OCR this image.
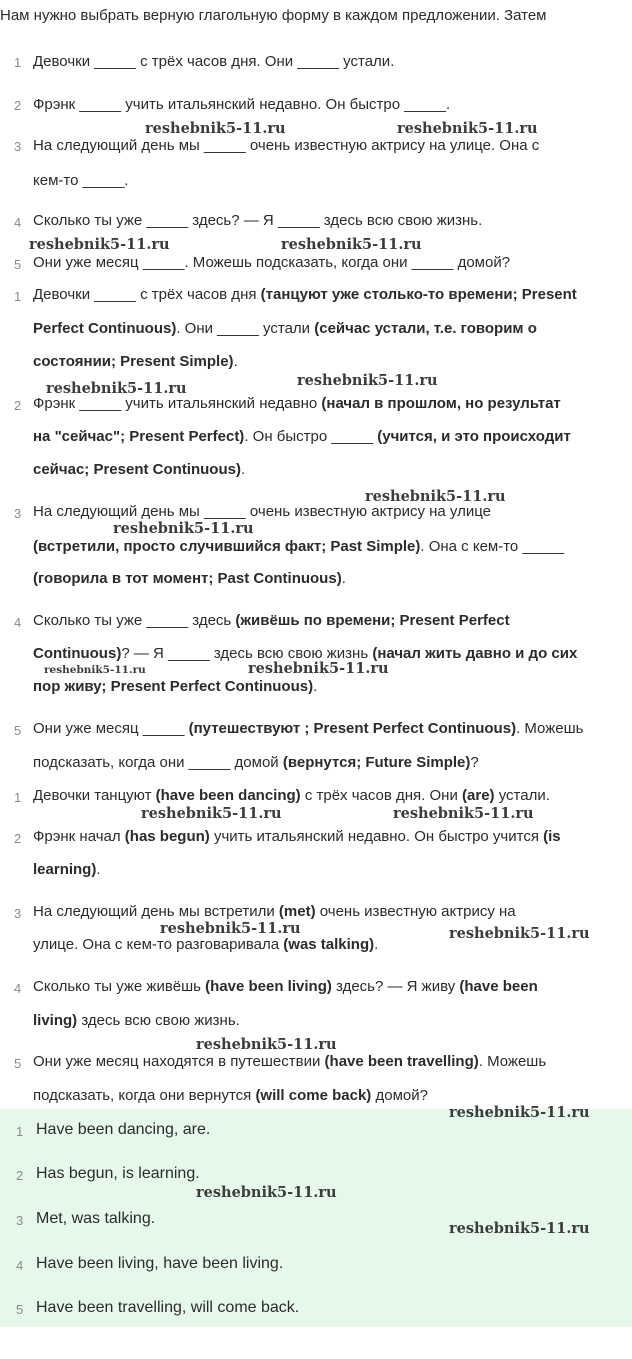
Нам нужно выбрать верную глагольную форму в каждом предложении. Затем
1 Девочки _____ с трёх часов дня. Они _____ устали.
2 Фрэнк _____ учить итальянский недавно. Он быстро _____.
3 На следующий день мы _____ очень известную актрису на улице. Она с
кем-то _____.
4 Сколько ты уже _____ здесь? — Я _____ здесь всю свою жизнь.
5 Они уже месяц _____. Можешь подсказать, когда они _____ домой?
1 Девочки _____ с трёх часов дня (танцуют уже столько-то времени; Present
Perfect Continuous). Они _____ устали (сейчас устали, т.е. говорим о
состоянии; Present Simple).
2 Фрэнк _____ учить итальянский недавно (начал в прошлом, но результат
на "сейчас"; Present Perfect). Он быстро _____ (учится, и это происходит
сейчас; Present Continuous).
3 На следующий день мы _____ очень известную актрису на улице
(встретили, просто случившийся факт; Past Simple). Она с кем-то _____
(говорила в тот момент; Past Continuous).
4 Сколько ты уже _____ здесь (живёшь по времени; Present Perfect
Continuous)? — Я _____ здесь всю свою жизнь (начал жить давно и до сих
пор живу; Present Perfect Continuous).
5 Они уже месяц _____ (путешествуют ; Present Perfect Continuous). Можешь
подсказать, когда они _____ домой (вернутся; Future Simple)?
1 Девочки танцуют (have been dancing) с трёх часов дня. Они (are) устали.
2 Фрэнк начал (has begun) учить итальянский недавно. Он быстро учится (is
learning).
3 На следующий день мы встретили (met) очень известную актрису на
улице. Она с кем-то разговаривала (was talking).
4 Сколько ты уже живёшь (have been living) здесь? — Я живу (have been
living) здесь всю свою жизнь.
5 Они уже месяц находятся в путешествии (have been travelling). Можешь
подсказать, когда они вернутся (will come back) домой?
1 Have been dancing, are.
2 Has begun, is learning.
3 Met, was talking.
4 Have been living, have been living.
5 Have been travelling, will come back.
reshebnik5-11.ru	reshebnik5-11.ru
reshebnik5-11.ru	reshebnik5-11.ru
reshebnik5-11.ru	reshebnik5-11.ru
reshebnik5-11.ru
reshebnik5-11.ru
reshebnik5-11.ru	reshebnik5-11.ru
reshebnik5-11.ru	reshebnik5-11.ru
reshebnik5-11.ru	reshebnik5-11.ru
reshebnik5-11.ru
reshebnik5-11.ru
reshebnik5-11.ru
reshebnik5-11.ru
